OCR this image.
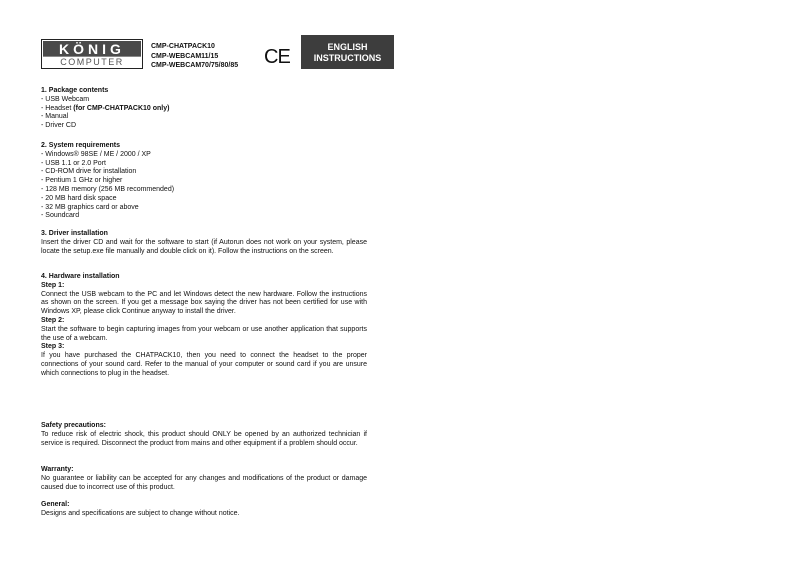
KÖNIG
COMPUTER
CMP-CHATPACK10
CMP-WEBCAM11/15
CMP-WEBCAM70/75/80/85 CE	ENGLISH
INSTRUCTIONS
1. Package contents
- USB Webcam
- Headset (for CMP-CHATPACK10 only)
- Manual
- Driver CD
2. System requirements
- Windows® 98SE / ME / 2000 / XP
- USB 1.1 or 2.0 Port
- CD-ROM drive for installation
- Pentium 1 GHz or higher
- 128 MB memory (256 MB recommended)
- 20 MB hard disk space
- 32 MB graphics card or above
- Soundcard
3. Driver installation

Insert the driver CD and wait for the software to start (if Autorun does not work on your system, please locate the setup.exe file manually and double click on it). Follow the instructions on the screen.

4. Hardware installation
Step 1:

Connect the USB webcam to the PC and let Windows detect the new hardware. Follow the instructions as shown on the screen. If you get a message box saying the driver has not been certified for use with Windows XP, please click Continue anyway to install the driver.

Step 2:

Start the software to begin capturing images from your webcam or use another application that supports the use of a webcam.

Step 3:

If you have purchased the CHATPACK10, then you need to connect the headset to the proper connections of your sound card. Refer to the manual of your computer or sound card if you are unsure which connections to plug in the headset.

Safety precautions:

To reduce risk of electric shock, this product should ONLY be opened by an authorized technician if service is required. Disconnect the product from mains and other equipment if a problem should occur.

Warranty:

No guarantee or liability can be accepted for any changes and modifications of the product or damage caused due to incorrect use of this product.

General:

Designs and specifications are subject to change without notice.
